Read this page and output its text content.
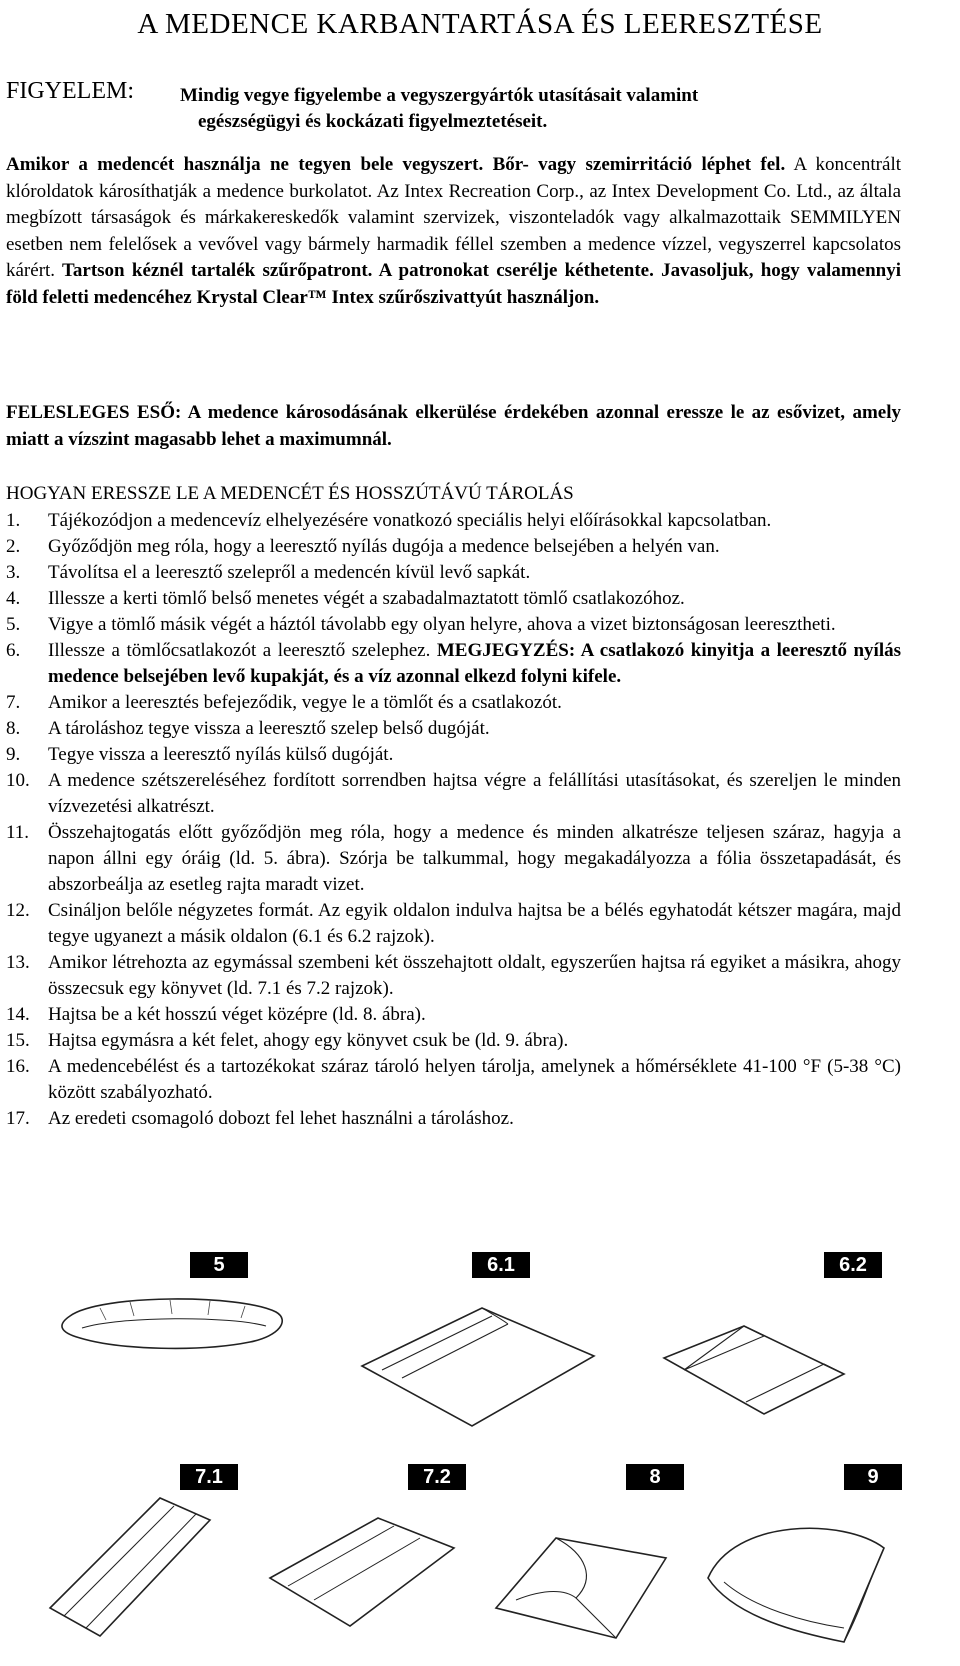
A MEDENCE KARBANTARTÁSA ÉS LEERESZTÉSE
FIGYELEM: Mindig vegye figyelembe a vegyszergyártók utasításait valamint
egészségügyi és kockázati figyelmeztetéseit.
Amikor a medencét használja ne tegyen bele vegyszert. Bőr- vagy szemirritáció léphet fel. A koncentrált klóroldatok károsíthatják a medence burkolatot. Az Intex Recreation Corp., az Intex Development Co. Ltd., az általa megbízott társaságok és márkakereskedők valamint szervizek, viszonteladók vagy alkalmazottaik SEMMILYEN esetben nem felelősek a vevővel vagy bármely harmadik féllel szemben a medence vízzel, vegyszerrel kapcsolatos kárért. Tartson kéznél tartalék szűrőpatront. A patronokat cserélje kéthetente. Javasoljuk, hogy valamennyi föld feletti medencéhez Krystal Clear™ Intex szűrőszivattyút használjon.
FELESLEGES ESŐ: A medence károsodásának elkerülése érdekében azonnal eressze le az esővizet, amely miatt a vízszint magasabb lehet a maximumnál.
HOGYAN ERESSZE LE A MEDENCÉT ÉS HOSSZÚTÁVÚ TÁROLÁS
1.	Tájékozódjon a medencevíz elhelyezésére vonatkozó speciális helyi előírásokkal kapcsolatban.
2.	Győződjön meg róla, hogy a leeresztő nyílás dugója a medence belsejében a helyén van.
3.	Távolítsa el a leeresztő szelepről a medencén kívül levő sapkát.
4.	Illessze a kerti tömlő belső menetes végét a szabadalmaztatott tömlő csatlakozóhoz.
5.	Vigye a tömlő másik végét a háztól távolabb egy olyan helyre, ahova a vizet biztonságosan leeresztheti.
6.	Illessze a tömlőcsatlakozót a leeresztő szelephez. MEGJEGYZÉS: A csatlakozó kinyitja a leeresztő nyílás medence belsejében levő kupakját, és a víz azonnal elkezd folyni kifele.
7.	Amikor a leeresztés befejeződik, vegye le a tömlőt és a csatlakozót.
8.	A tároláshoz tegye vissza a leeresztő szelep belső dugóját.
9.	Tegye vissza a leeresztő nyílás külső dugóját.
10. A medence szétszereléséhez fordított sorrendben hajtsa végre a felállítási utasításokat, és szereljen le minden vízvezetési alkatrészt.
11. Összehajtogatás előtt győződjön meg róla, hogy a medence és minden alkatrésze teljesen száraz, hagyja a napon állni egy óráig (ld. 5. ábra). Szórja be talkummal, hogy megakadályozza a fólia összetapadását, és abszorbeálja az esetleg rajta maradt vizet.
12. Csináljon belőle négyzetes formát. Az egyik oldalon indulva hajtsa be a bélés egyhatodát kétszer magára, majd tegye ugyanezt a másik oldalon (6.1 és 6.2 rajzok).
13. Amikor létrehozta az egymással szembeni két összehajtott oldalt, egyszerűen hajtsa rá egyiket a másikra, ahogy összecsuk egy könyvet (ld. 7.1 és 7.2 rajzok).
14. Hajtsa be a két hosszú véget középre (ld. 8. ábra).
15. Hajtsa egymásra a két felet, ahogy egy könyvet csuk be (ld. 9. ábra).
16. A medencebélést és a tartozékokat száraz tároló helyen tárolja, amelynek a hőmérséklete 41-100 °F (5-38 °C) között szabályozható.
17. Az eredeti csomagoló dobozt fel lehet használni a tároláshoz.
5	6.1	6.2
7.1	7.2	8	9
